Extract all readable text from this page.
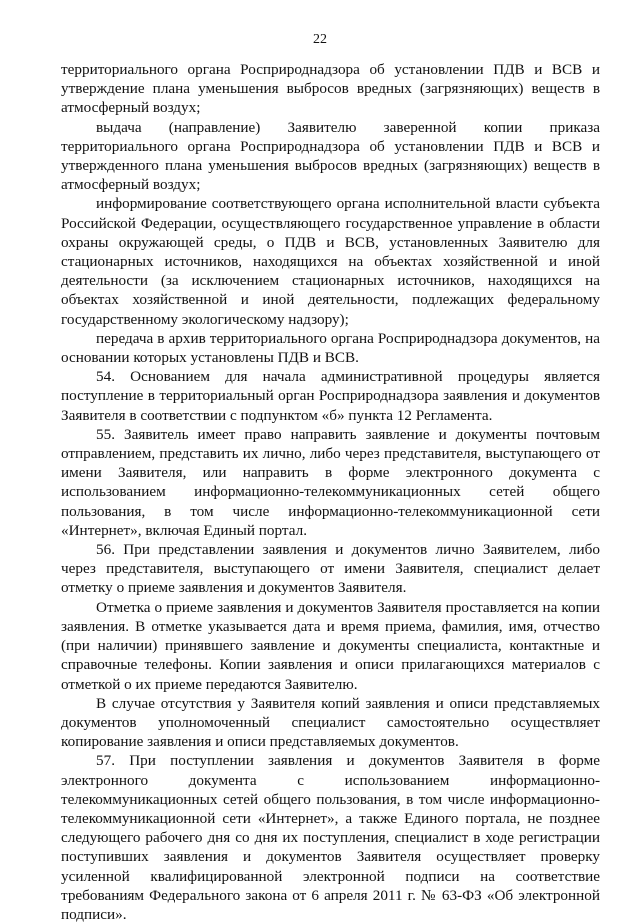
22

территориального органа Росприроднадзора об установлении ПДВ и ВСВ и утверждение плана уменьшения выбросов вредных (загрязняющих) веществ в атмосферный воздух;

выдача (направление) Заявителю заверенной копии приказа территориального органа Росприроднадзора об установлении ПДВ и ВСВ и утвержденного плана уменьшения выбросов вредных (загрязняющих) веществ в атмосферный воздух;

информирование соответствующего органа исполнительной власти субъекта Российской Федерации, осуществляющего государственное управление в области охраны окружающей среды, о ПДВ и ВСВ, установленных Заявителю для стационарных источников, находящихся на объектах хозяйственной и иной деятельности (за исключением стационарных источников, находящихся на объектах хозяйственной и иной деятельности, подлежащих федеральному государственному экологическому надзору);

передача в архив территориального органа Росприроднадзора документов, на основании которых установлены ПДВ и ВСВ.

54. Основанием для начала административной процедуры является поступление в территориальный орган Росприроднадзора заявления и документов Заявителя в соответствии с подпунктом «б» пункта 12 Регламента.

55. Заявитель имеет право направить заявление и документы почтовым отправлением, представить их лично, либо через представителя, выступающего от имени Заявителя, или направить в форме электронного документа с использованием информационно-телекоммуникационных сетей общего пользования, в том числе информационно-телекоммуникационной сети «Интернет», включая Единый портал.

56. При представлении заявления и документов лично Заявителем, либо через представителя, выступающего от имени Заявителя, специалист делает отметку о приеме заявления и документов Заявителя.

Отметка о приеме заявления и документов Заявителя проставляется на копии заявления. В отметке указывается дата и время приема, фамилия, имя, отчество (при наличии) принявшего заявление и документы специалиста, контактные и справочные телефоны. Копии заявления и описи прилагающихся материалов с отметкой о их приеме передаются Заявителю.

В случае отсутствия у Заявителя копий заявления и описи представляемых документов уполномоченный специалист самостоятельно осуществляет копирование заявления и описи представляемых документов.

57. При поступлении заявления и документов Заявителя в форме электронного документа с использованием информационно-телекоммуникационных сетей общего пользования, в том числе информационно-телекоммуникационной сети «Интернет», а также Единого портала, не позднее следующего рабочего дня со дня их поступления, специалист в ходе регистрации поступивших заявления и документов Заявителя осуществляет проверку усиленной квалифицированной электронной подписи на соответствие требованиям Федерального закона от 6 апреля 2011 г. № 63-ФЗ «Об электронной подписи».
